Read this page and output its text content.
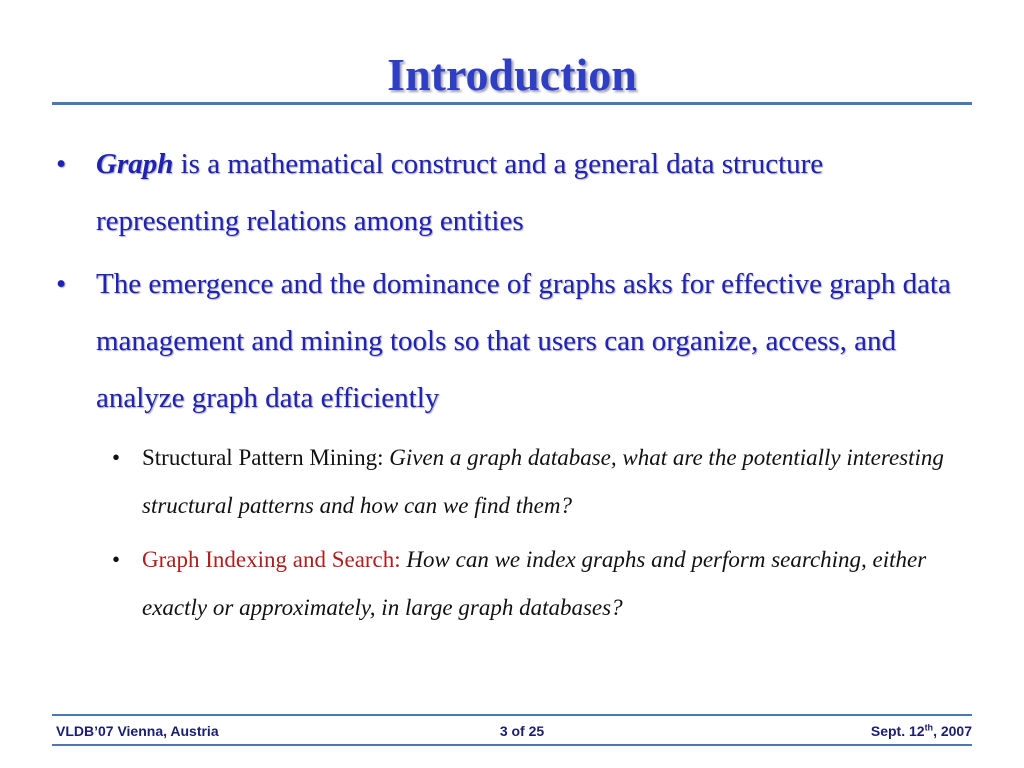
Introduction
•	Graph is a mathematical construct and a general data structure representing relations among entities
•	The emergence and the dominance of graphs asks for effective graph data management and mining tools so that users can organize, access, and analyze graph data efficiently
• Structural Pattern Mining: Given a graph database, what are the potentially interesting structural patterns and how can we find them?
• Graph Indexing and Search: How can we index graphs and perform searching, either exactly or approximately, in large graph databases?
VLDB’07 Vienna, Austria	3 of 25	Sept. 12th, 2007
